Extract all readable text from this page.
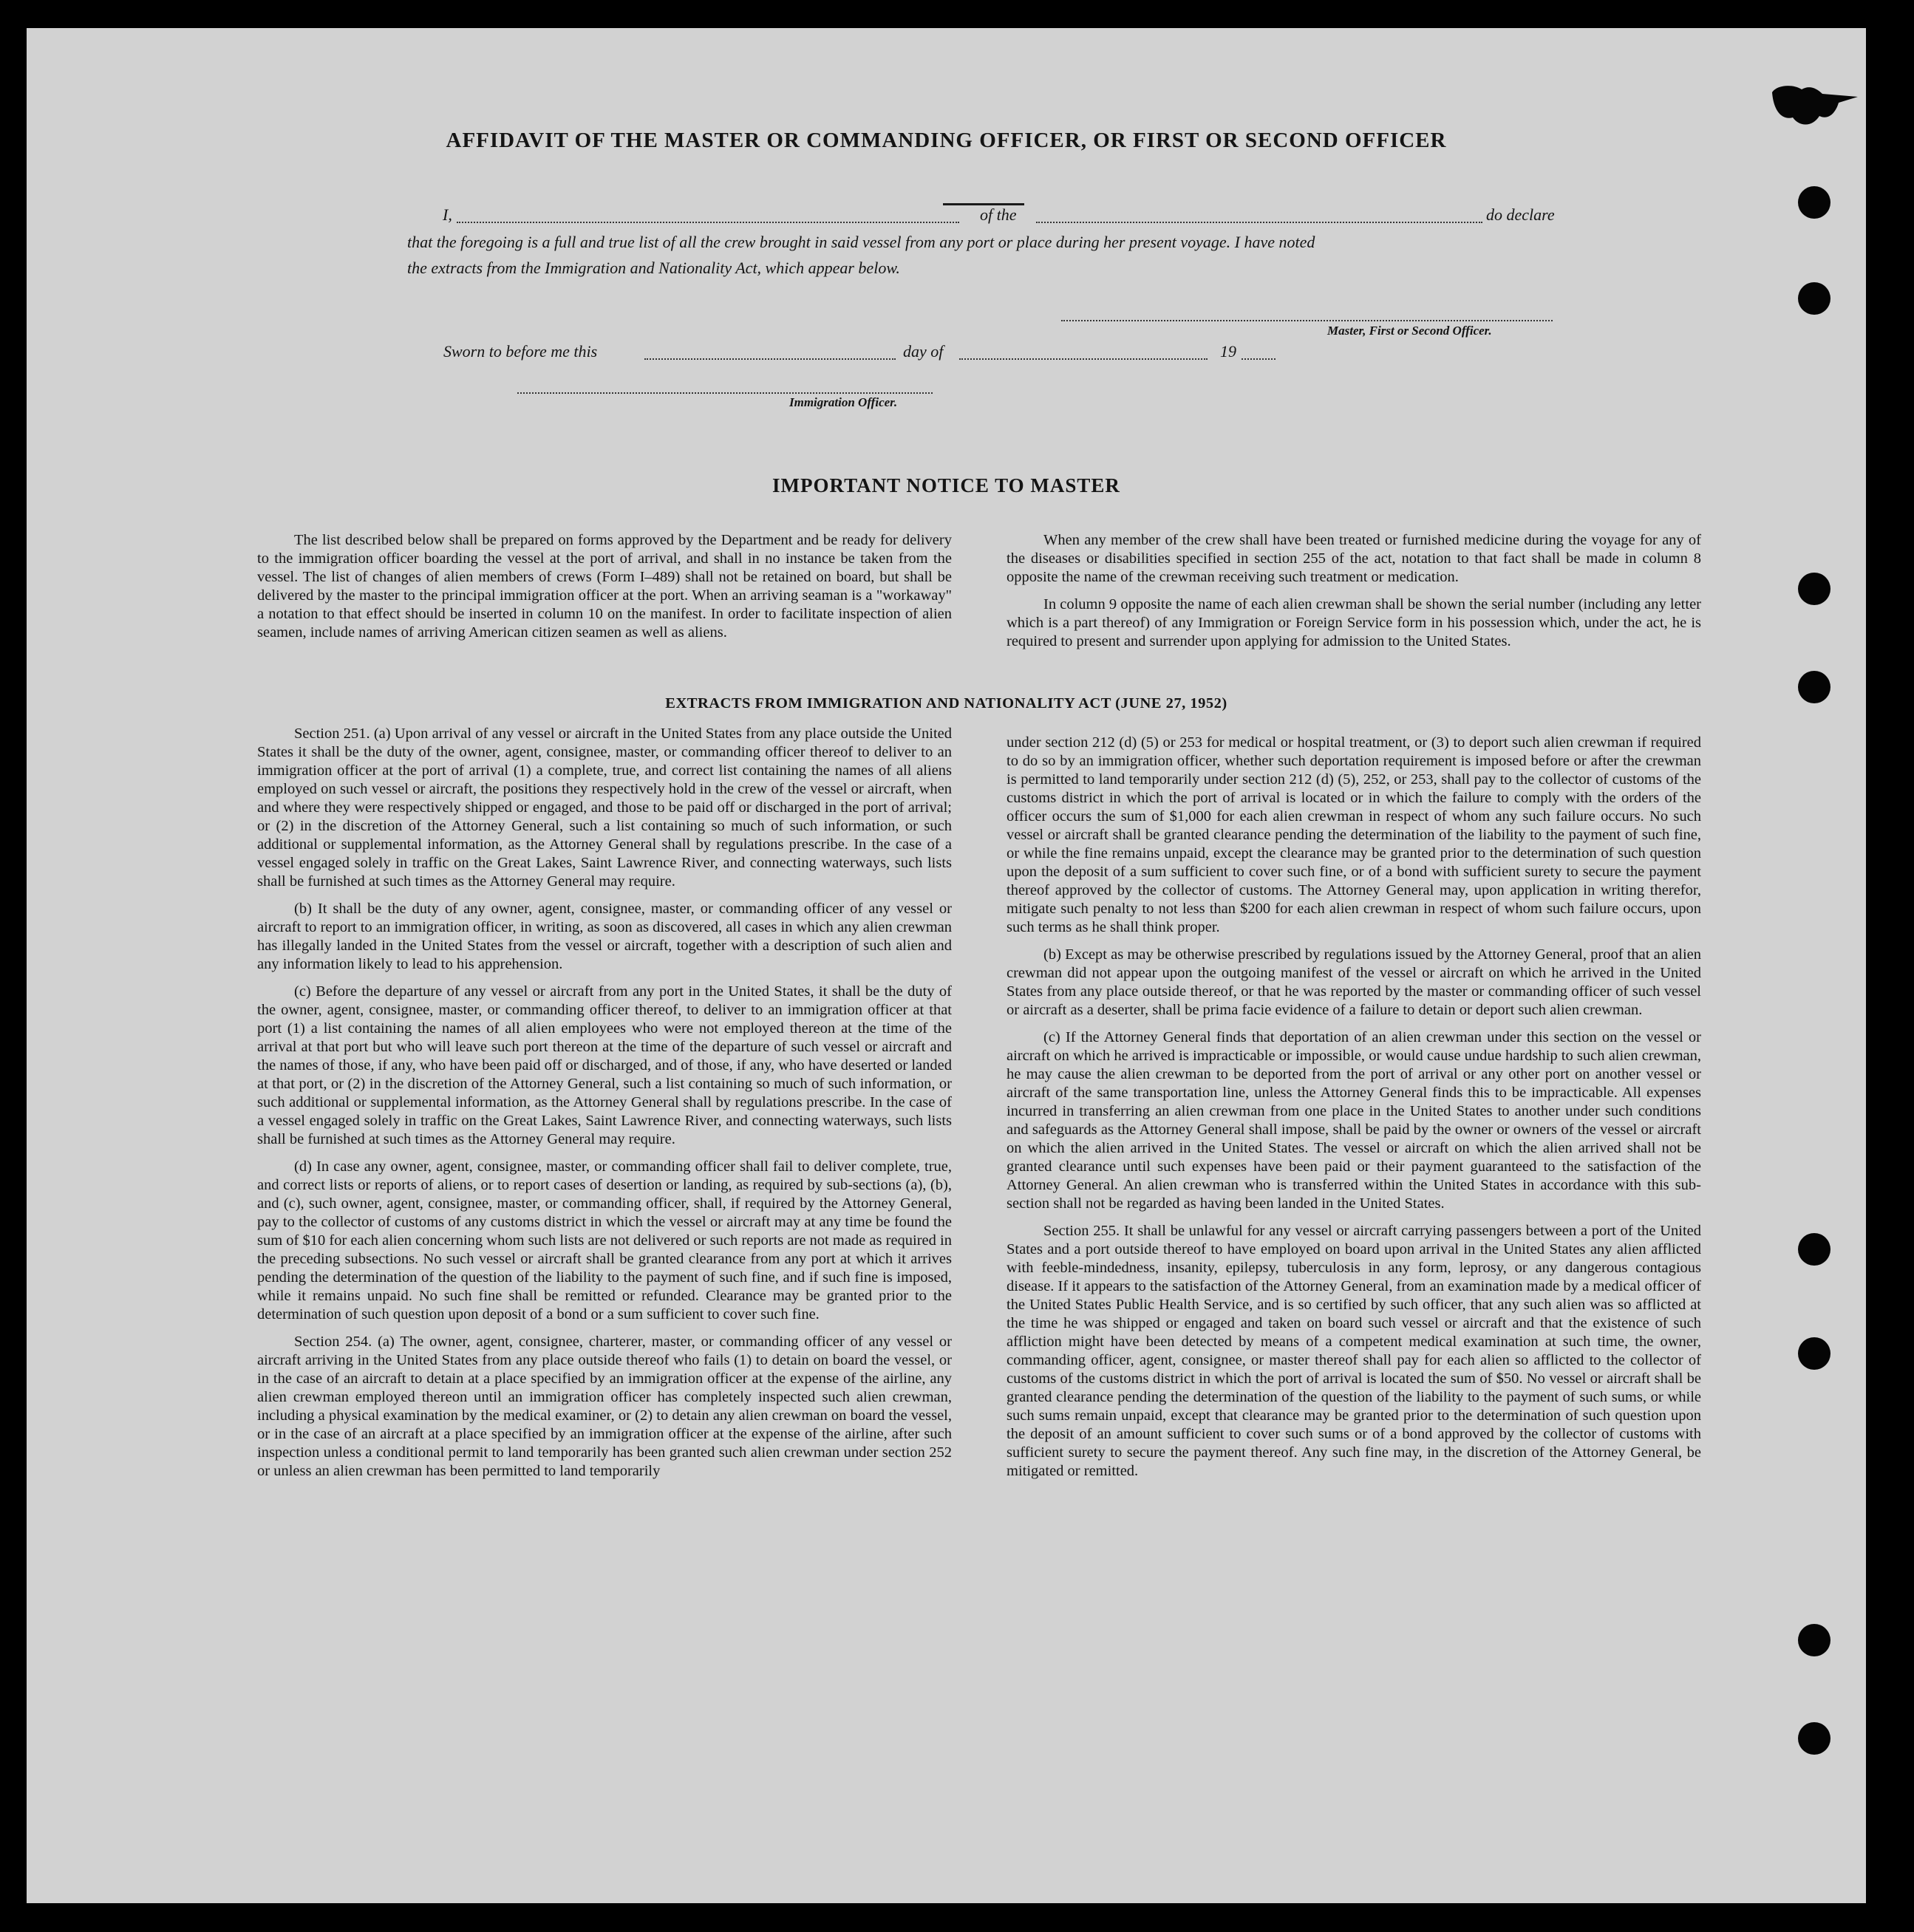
AFFIDAVIT OF THE MASTER OR COMMANDING OFFICER, OR FIRST OR SECOND OFFICER
I,	of the	do declare
that the foregoing is a full and true list of all the crew brought in said vessel from any port or place during her present voyage. I have noted
the extracts from the Immigration and Nationality Act, which appear below.
Master, First or Second Officer.
Sworn to before me this	day of	19
Immigration Officer.
IMPORTANT NOTICE TO MASTER

The list described below shall be prepared on forms approved by the Department and be ready for delivery to the immigration officer boarding the vessel at the port of arrival, and shall in no instance be taken from the vessel. The list of changes of alien members of crews (Form I–489) shall not be retained on board, but shall be delivered by the master to the principal immigration officer at the port. When an arriving seaman is a "workaway" a notation to that effect should be inserted in column 10 on the manifest. In order to facilitate inspection of alien seamen, include names of arriving American citizen seamen as well as aliens.

When any member of the crew shall have been treated or furnished medicine during the voyage for any of the diseases or disabilities specified in section 255 of the act, notation to that fact shall be made in column 8 opposite the name of the crewman receiving such treatment or medication.

In column 9 opposite the name of each alien crewman shall be shown the serial number (including any letter which is a part thereof) of any Immigration or Foreign Service form in his possession which, under the act, he is required to present and surrender upon applying for admission to the United States.

EXTRACTS FROM IMMIGRATION AND NATIONALITY ACT (JUNE 27, 1952)

Section 251. (a) Upon arrival of any vessel or aircraft in the United States from any place outside the United States it shall be the duty of the owner, agent, consignee, master, or commanding officer thereof to deliver to an immigration officer at the port of arrival (1) a complete, true, and correct list containing the names of all aliens employed on such vessel or aircraft, the positions they respectively hold in the crew of the vessel or aircraft, when and where they were respectively shipped or engaged, and those to be paid off or discharged in the port of arrival; or (2) in the discretion of the Attorney General, such a list containing so much of such information, or such additional or supplemental information, as the Attorney General shall by regulations prescribe. In the case of a vessel engaged solely in traffic on the Great Lakes, Saint Lawrence River, and connecting waterways, such lists shall be furnished at such times as the Attorney General may require.

(b) It shall be the duty of any owner, agent, consignee, master, or commanding officer of any vessel or aircraft to report to an immigration officer, in writing, as soon as discovered, all cases in which any alien crewman has illegally landed in the United States from the vessel or aircraft, together with a description of such alien and any information likely to lead to his apprehension.

(c) Before the departure of any vessel or aircraft from any port in the United States, it shall be the duty of the owner, agent, consignee, master, or commanding officer thereof, to deliver to an immigration officer at that port (1) a list containing the names of all alien employees who were not employed thereon at the time of the arrival at that port but who will leave such port thereon at the time of the departure of such vessel or aircraft and the names of those, if any, who have been paid off or discharged, and of those, if any, who have deserted or landed at that port, or (2) in the discretion of the Attorney General, such a list containing so much of such information, or such additional or supplemental information, as the Attorney General shall by regulations prescribe. In the case of a vessel engaged solely in traffic on the Great Lakes, Saint Lawrence River, and connecting waterways, such lists shall be furnished at such times as the Attorney General may require.

(d) In case any owner, agent, consignee, master, or commanding officer shall fail to deliver complete, true, and correct lists or reports of aliens, or to report cases of desertion or landing, as required by sub-sections (a), (b), and (c), such owner, agent, consignee, master, or commanding officer, shall, if required by the Attorney General, pay to the collector of customs of any customs district in which the vessel or aircraft may at any time be found the sum of $10 for each alien concerning whom such lists are not delivered or such reports are not made as required in the preceding subsections. No such vessel or aircraft shall be granted clearance from any port at which it arrives pending the determination of the question of the liability to the payment of such fine, and if such fine is imposed, while it remains unpaid. No such fine shall be remitted or refunded. Clearance may be granted prior to the determination of such question upon deposit of a bond or a sum sufficient to cover such fine.

Section 254. (a) The owner, agent, consignee, charterer, master, or commanding officer of any vessel or aircraft arriving in the United States from any place outside thereof who fails (1) to detain on board the vessel, or in the case of an aircraft to detain at a place specified by an immigration officer at the expense of the airline, any alien crewman employed thereon until an immigration officer has completely inspected such alien crewman, including a physical examination by the medical examiner, or (2) to detain any alien crewman on board the vessel, or in the case of an aircraft at a place specified by an immigration officer at the expense of the airline, after such inspection unless a conditional permit to land temporarily has been granted such alien crewman under section 252 or unless an alien crewman has been permitted to land temporarily

under section 212 (d) (5) or 253 for medical or hospital treatment, or (3) to deport such alien crewman if required to do so by an immigration officer, whether such deportation requirement is imposed before or after the crewman is permitted to land temporarily under section 212 (d) (5), 252, or 253, shall pay to the collector of customs of the customs district in which the port of arrival is located or in which the failure to comply with the orders of the officer occurs the sum of $1,000 for each alien crewman in respect of whom any such failure occurs. No such vessel or aircraft shall be granted clearance pending the determination of the liability to the payment of such fine, or while the fine remains unpaid, except the clearance may be granted prior to the determination of such question upon the deposit of a sum sufficient to cover such fine, or of a bond with sufficient surety to secure the payment thereof approved by the collector of customs. The Attorney General may, upon application in writing therefor, mitigate such penalty to not less than $200 for each alien crewman in respect of whom such failure occurs, upon such terms as he shall think proper.

(b) Except as may be otherwise prescribed by regulations issued by the Attorney General, proof that an alien crewman did not appear upon the outgoing manifest of the vessel or aircraft on which he arrived in the United States from any place outside thereof, or that he was reported by the master or commanding officer of such vessel or aircraft as a deserter, shall be prima facie evidence of a failure to detain or deport such alien crewman.

(c) If the Attorney General finds that deportation of an alien crewman under this section on the vessel or aircraft on which he arrived is impracticable or impossible, or would cause undue hardship to such alien crewman, he may cause the alien crewman to be deported from the port of arrival or any other port on another vessel or aircraft of the same transportation line, unless the Attorney General finds this to be impracticable. All expenses incurred in transferring an alien crewman from one place in the United States to another under such conditions and safeguards as the Attorney General shall impose, shall be paid by the owner or owners of the vessel or aircraft on which the alien arrived in the United States. The vessel or aircraft on which the alien arrived shall not be granted clearance until such expenses have been paid or their payment guaranteed to the satisfaction of the Attorney General. An alien crewman who is transferred within the United States in accordance with this sub-section shall not be regarded as having been landed in the United States.

Section 255. It shall be unlawful for any vessel or aircraft carrying passengers between a port of the United States and a port outside thereof to have employed on board upon arrival in the United States any alien afflicted with feeble-mindedness, insanity, epilepsy, tuberculosis in any form, leprosy, or any dangerous contagious disease. If it appears to the satisfaction of the Attorney General, from an examination made by a medical officer of the United States Public Health Service, and is so certified by such officer, that any such alien was so afflicted at the time he was shipped or engaged and taken on board such vessel or aircraft and that the existence of such affliction might have been detected by means of a competent medical examination at such time, the owner, commanding officer, agent, consignee, or master thereof shall pay for each alien so afflicted to the collector of customs of the customs district in which the port of arrival is located the sum of $50. No vessel or aircraft shall be granted clearance pending the determination of the question of the liability to the payment of such sums, or while such sums remain unpaid, except that clearance may be granted prior to the determination of such question upon the deposit of an amount sufficient to cover such sums or of a bond approved by the collector of customs with sufficient surety to secure the payment thereof. Any such fine may, in the discretion of the Attorney General, be mitigated or remitted.
